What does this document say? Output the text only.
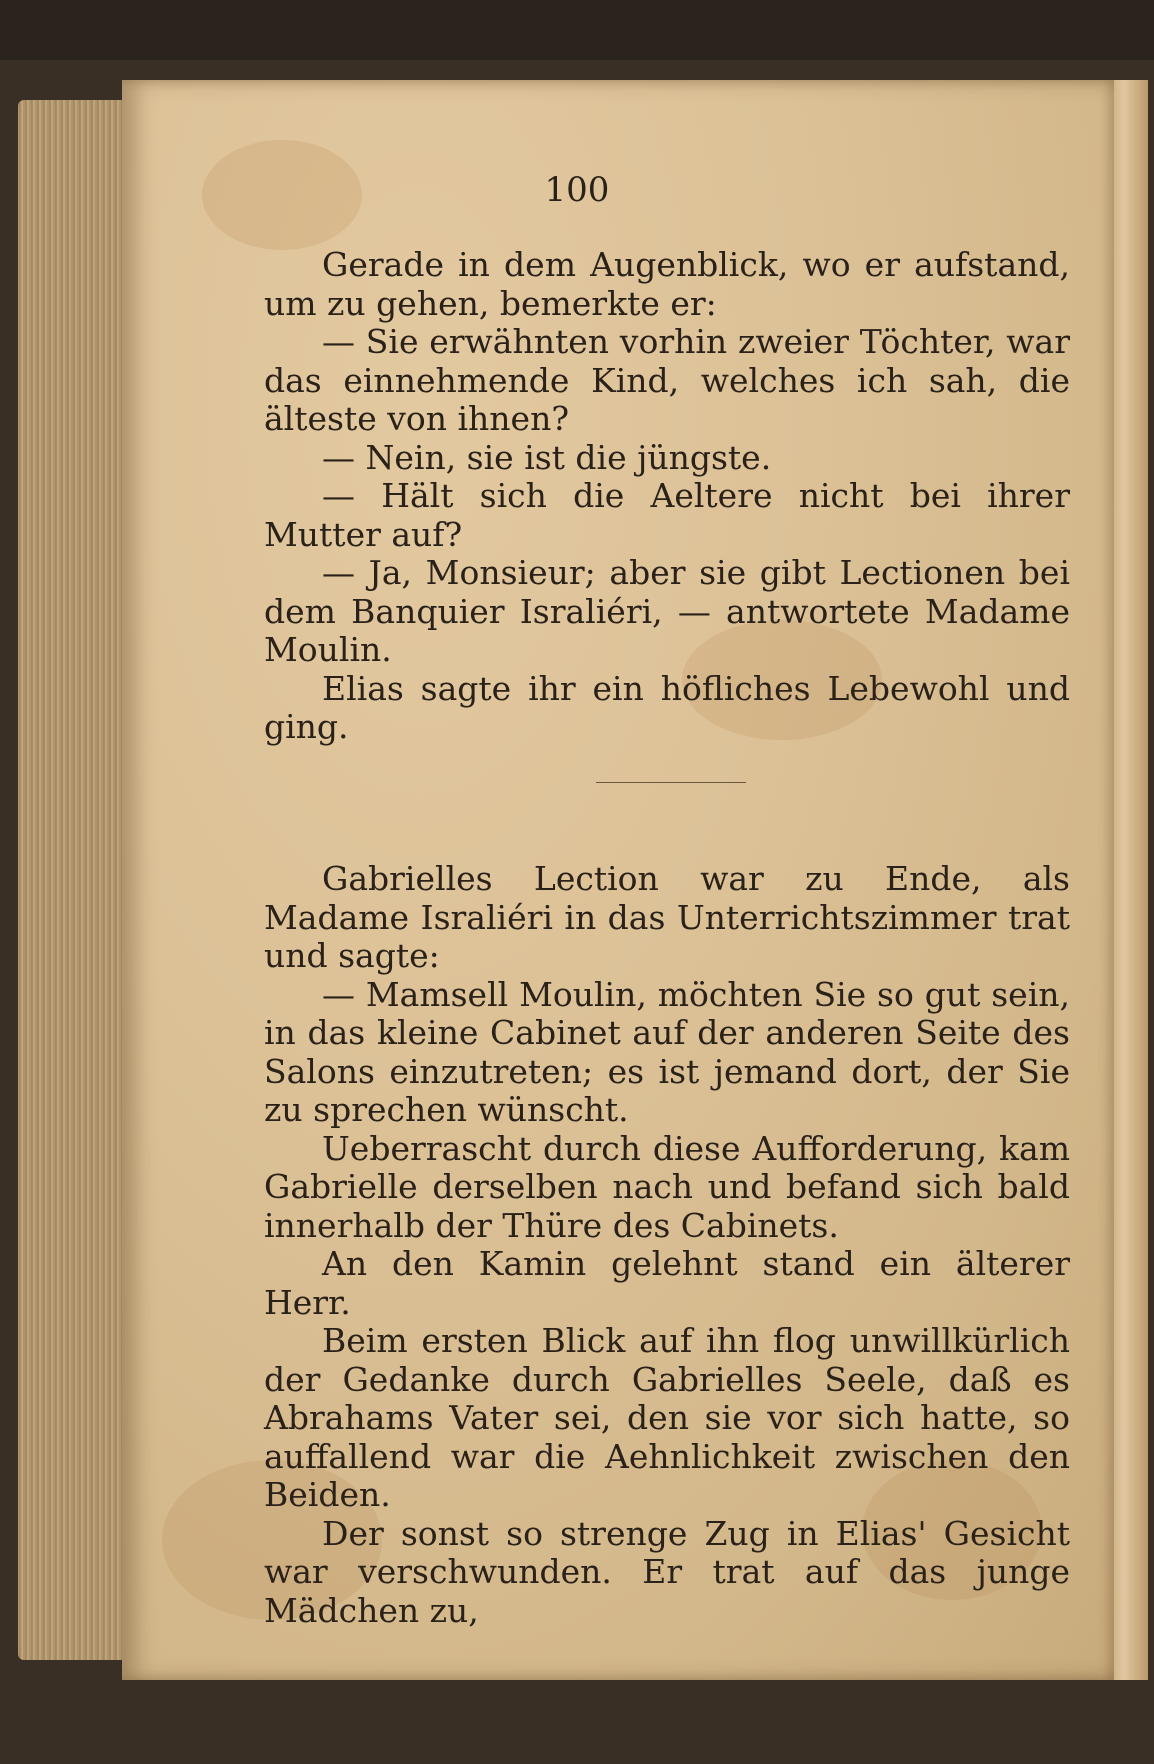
100

Gerade in dem Augenblick, wo er aufstand, um zu gehen, bemerkte er:

— Sie erwähnten vorhin zweier Töchter, war das einnehmende Kind, welches ich sah, die älteste von ihnen?

— Nein, sie ist die jüngste.

— Hält sich die Aeltere nicht bei ihrer Mutter auf?

— Ja, Monsieur; aber sie gibt Lectionen bei dem Banquier Israliéri, — antwortete Madame Moulin.

Elias sagte ihr ein höfliches Lebewohl und ging.

Gabrielles Lection war zu Ende, als Madame Israliéri in das Unterrichtszimmer trat und sagte:

— Mamsell Moulin, möchten Sie so gut sein, in das kleine Cabinet auf der anderen Seite des Salons einzutreten; es ist jemand dort, der Sie zu sprechen wünscht.

Ueberrascht durch diese Aufforderung, kam Gabrielle derselben nach und befand sich bald innerhalb der Thüre des Cabinets.

An den Kamin gelehnt stand ein älterer Herr.

Beim ersten Blick auf ihn flog unwillkürlich der Gedanke durch Gabrielles Seele, daß es Abrahams Vater sei, den sie vor sich hatte, so auffallend war die Aehnlichkeit zwischen den Beiden.

Der sonst so strenge Zug in Elias' Gesicht war verschwunden. Er trat auf das junge Mädchen zu,
